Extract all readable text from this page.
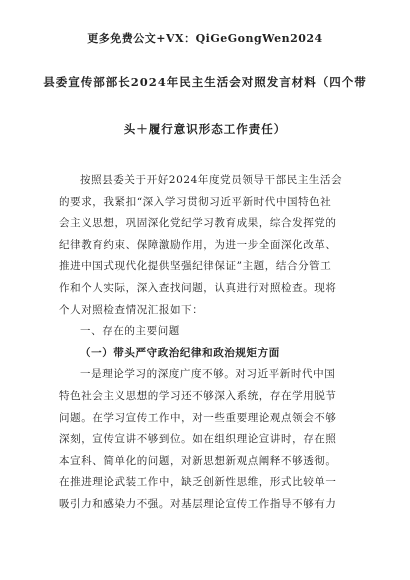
更多免费公文+VX：QiGeGongWen2024
县委宣传部部长2024年民主生活会对照发言材料（四个带
头＋履行意识形态工作责任）
按照县委关于开好2024年度党员领导干部民主生活会
的要求，我紧扣“深入学习贯彻习近平新时代中国特色社
会主义思想，巩固深化党纪学习教育成果，综合发挥党的
纪律教育约束、保障激励作用，为进一步全面深化改革、
推进中国式现代化提供坚强纪律保证”主题，结合分管工
作和个人实际，深入查找问题，认真进行对照检查。现将
个人对照检查情况汇报如下：
一、存在的主要问题
（一）带头严守政治纪律和政治规矩方面
一是理论学习的深度广度不够。对习近平新时代中国
特色社会主义思想的学习还不够深入系统，存在学用脱节
问题。在学习宣传工作中，对一些重要理论观点领会不够
深刻，宣传宣讲不够到位。如在组织理论宣讲时，存在照
本宣科、简单化的问题，对新思想新观点阐释不够透彻。
在推进理论武装工作中，缺乏创新性思维，形式比较单一
吸引力和感染力不强。对基层理论宣传工作指导不够有力
